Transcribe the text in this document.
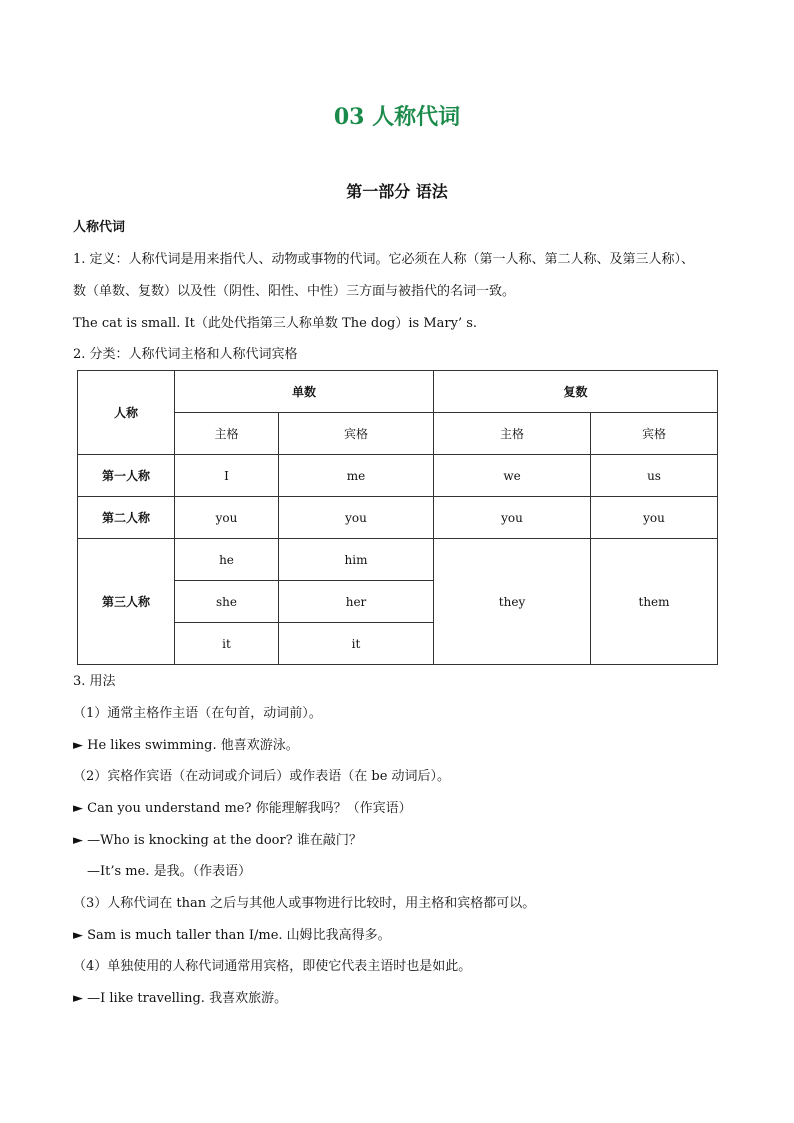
03 人称代词
第一部分 语法
人称代词
1. 定义：人称代词是用来指代人、动物或事物的代词。它必须在人称（第一人称、第二人称、及第三人称）、
数（单数、复数）以及性（阴性、阳性、中性）三方面与被指代的名词一致。
The cat is small. It（此处代指第三人称单数 The dog）is Mary’ s.
2. 分类：人称代词主格和人称代词宾格
人称	单数		复数	
	主格	宾格	主格	宾格
第一人称	I	me	we	us
第二人称	you	you	you	you
第三人称	he	him	they	them
	she	her		
	it	it		
3. 用法
（1）通常主格作主语（在句首，动词前）。
► He likes swimming. 他喜欢游泳。
（2）宾格作宾语（在动词或介词后）或作表语（在 be 动词后）。
► Can you understand me? 你能理解我吗？（作宾语）
► —Who is knocking at the door? 谁在敲门？
—It’s me. 是我。（作表语）
（3）人称代词在 than 之后与其他人或事物进行比较时，用主格和宾格都可以。
► Sam is much taller than I/me. 山姆比我高得多。
（4）单独使用的人称代词通常用宾格，即使它代表主语时也是如此。
► —I like travelling. 我喜欢旅游。
